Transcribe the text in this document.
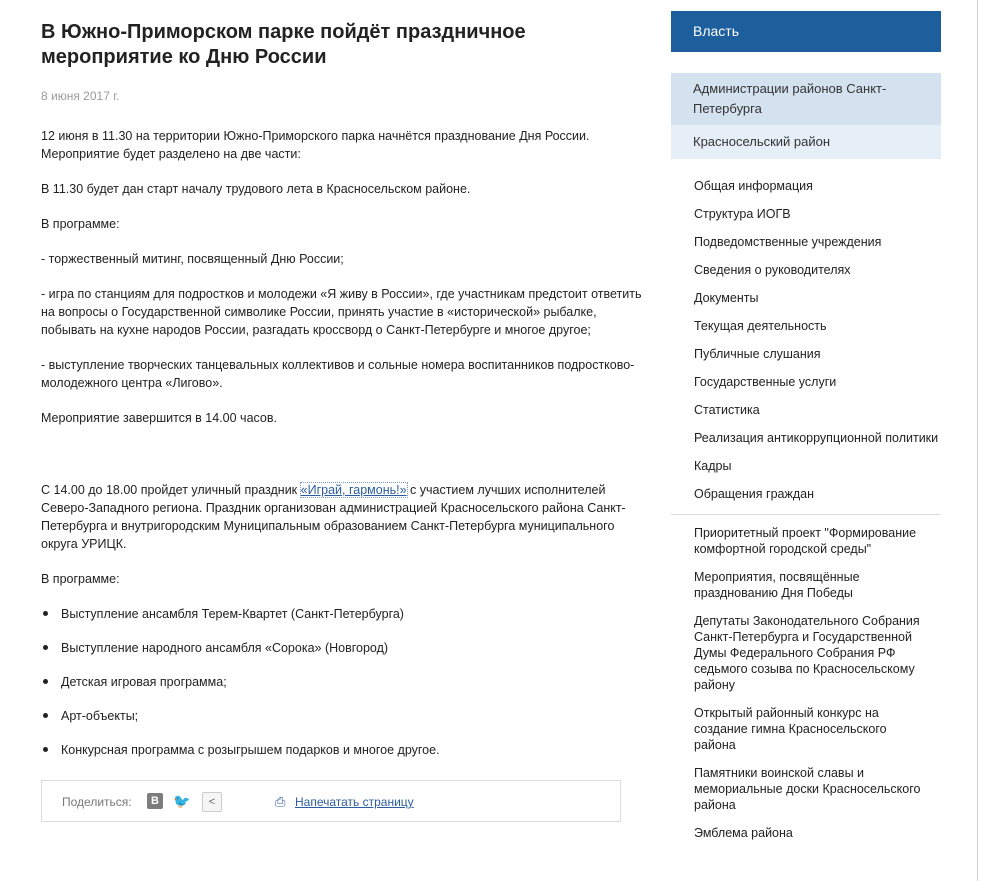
В Южно-Приморском парке пойдёт праздничное мероприятие ко Дню России
8 июня 2017 г.

12 июня в 11.30 на территории Южно-Приморского парка начнётся празднование Дня России. Мероприятие будет разделено на две части:

В 11.30 будет дан старт началу трудового лета в Красносельском районе.

В программе:

- торжественный митинг, посвященный Дню России;

- игра по станциям для подростков и молодежи «Я живу в России», где участникам предстоит ответить на вопросы о Государственной символике России, принять участие в «исторической» рыбалке, побывать на кухне народов России, разгадать кроссворд о Санкт-Петербурге и многое другое;

- выступление творческих танцевальных коллективов и сольные номера воспитанников подростково-молодежного центра «Лигово».

Мероприятие завершится в 14.00 часов.

С 14.00 до 18.00 пройдет уличный праздник «Играй, гармонь!» с участием лучших исполнителей Северо-Западного региона. Праздник организован администрацией Красносельского района Санкт-Петербурга и внутригородским Муниципальным образованием Санкт-Петербурга муниципального округа УРИЦК.

В программе:

Выступление ансамбля Терем-Квартет (Санкт-Петербурга)
Выступление народного ансамбля «Сорока» (Новгород)
Детская игровая программа;
Арт-объекты;
Конкурсная программа с розыгрышем подарков и многое другое.
Поделиться:	В 🐦	<	⎙ Напечатать страницу
Власть
Администрации районов Санкт-Петербурга
Красносельский район
Общая информация
Структура ИОГВ
Подведомственные учреждения
Сведения о руководителях
Документы
Текущая деятельность
Публичные слушания
Государственные услуги
Статистика
Реализация антикоррупционной политики
Кадры
Обращения граждан
Приоритетный проект "Формирование комфортной городской среды"
Мероприятия, посвящённые празднованию Дня Победы
Депутаты Законодательного Собрания Санкт-Петербурга и Государственной Думы Федерального Собрания РФ седьмого созыва по Красносельскому району
Открытый районный конкурс на создание гимна Красносельского района
Памятники воинской славы и мемориальные доски Красносельского района
Эмблема района
